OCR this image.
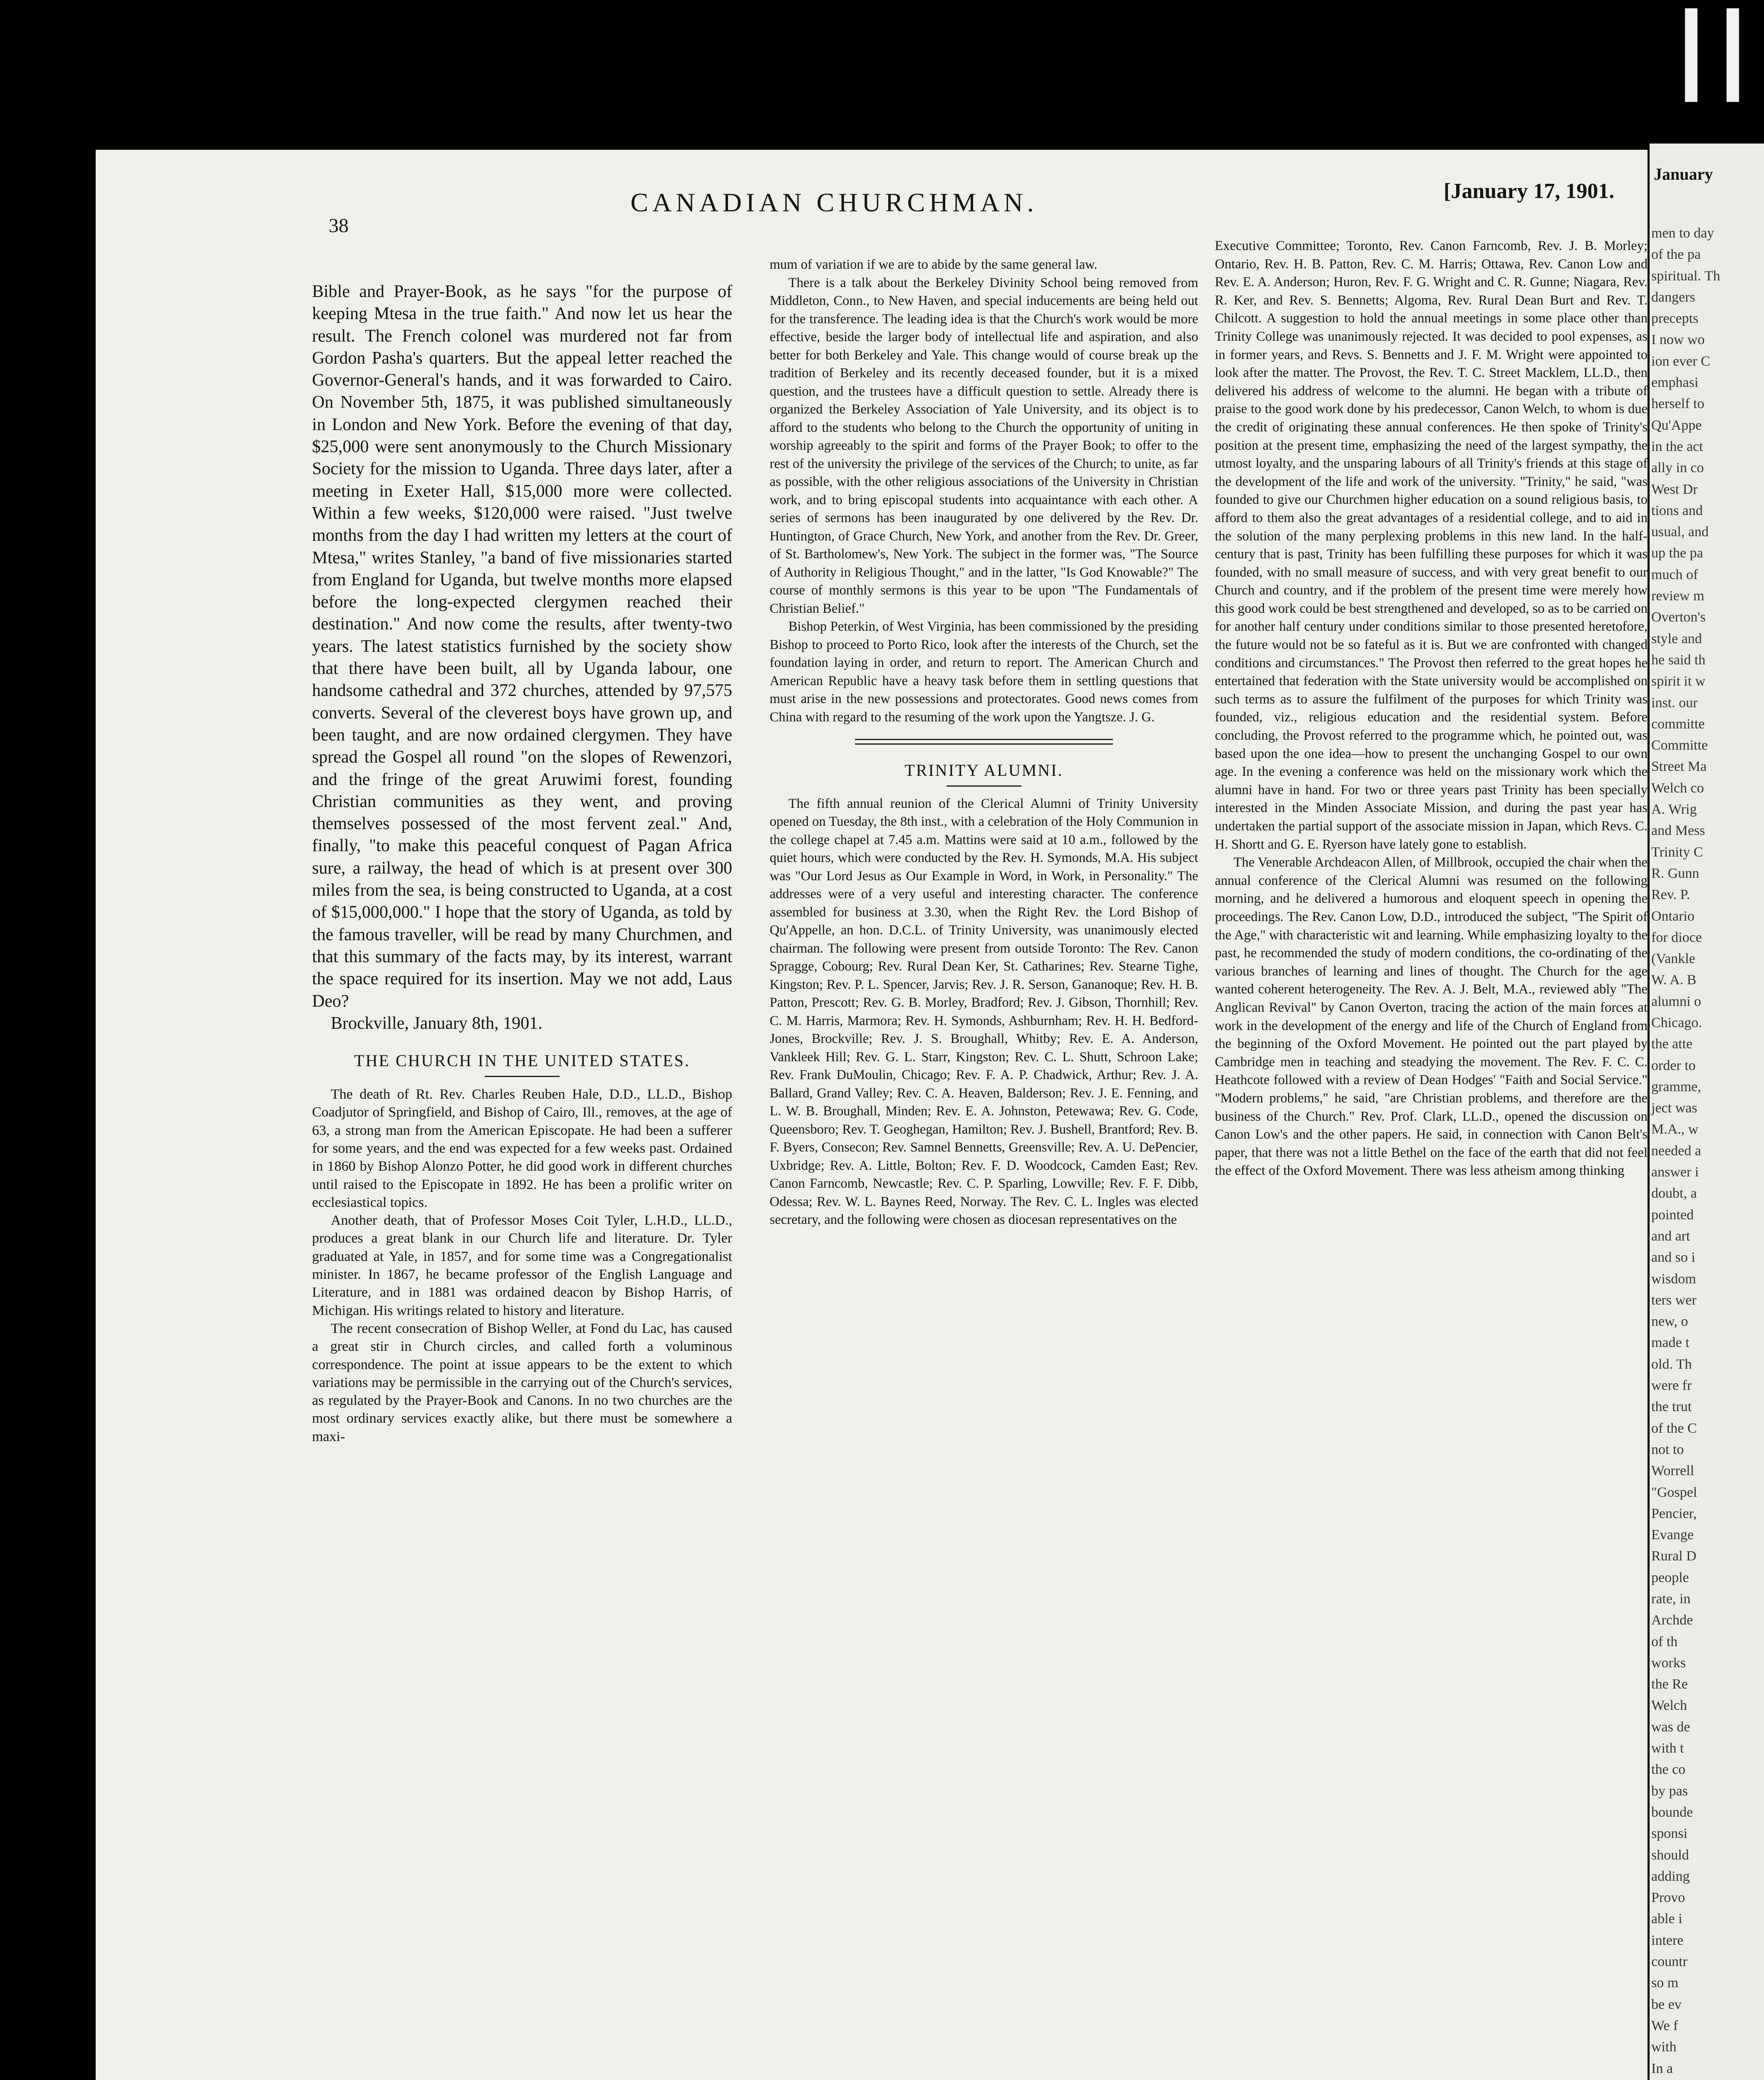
38
CANADIAN CHURCHMAN.	[January 17, 1901.

Bible and Prayer-Book, as he says "for the purpose of keeping Mtesa in the true faith." And now let us hear the result. The French colonel was murdered not far from Gordon Pasha's quarters. But the appeal letter reached the Governor-General's hands, and it was forwarded to Cairo. On November 5th, 1875, it was published simultaneously in London and New York. Before the evening of that day, $25,000 were sent anonymously to the Church Missionary Society for the mission to Uganda. Three days later, after a meeting in Exeter Hall, $15,000 more were collected. Within a few weeks, $120,000 were raised. "Just twelve months from the day I had written my letters at the court of Mtesa," writes Stanley, "a band of five missionaries started from England for Uganda, but twelve months more elapsed before the long-expected clergymen reached their destination." And now come the results, after twenty-two years. The latest statistics furnished by the society show that there have been built, all by Uganda labour, one handsome cathedral and 372 churches, attended by 97,575 converts. Several of the cleverest boys have grown up, and been taught, and are now ordained clergymen. They have spread the Gospel all round "on the slopes of Rewenzori, and the fringe of the great Aruwimi forest, founding Christian communities as they went, and proving themselves possessed of the most fervent zeal." And, finally, "to make this peaceful conquest of Pagan Africa sure, a railway, the head of which is at present over 300 miles from the sea, is being constructed to Uganda, at a cost of $15,000,000." I hope that the story of Uganda, as told by the famous traveller, will be read by many Churchmen, and that this summary of the facts may, by its interest, warrant the space required for its insertion. May we not add, Laus Deo?

Brockville, January 8th, 1901.

THE CHURCH IN THE UNITED STATES.

The death of Rt. Rev. Charles Reuben Hale, D.D., LL.D., Bishop Coadjutor of Springfield, and Bishop of Cairo, Ill., removes, at the age of 63, a strong man from the American Episcopate. He had been a sufferer for some years, and the end was expected for a few weeks past. Ordained in 1860 by Bishop Alonzo Potter, he did good work in different churches until raised to the Episcopate in 1892. He has been a prolific writer on ecclesiastical topics.

Another death, that of Professor Moses Coit Tyler, L.H.D., LL.D., produces a great blank in our Church life and literature. Dr. Tyler graduated at Yale, in 1857, and for some time was a Congregationalist minister. In 1867, he became professor of the English Language and Literature, and in 1881 was ordained deacon by Bishop Harris, of Michigan. His writings related to history and literature.

The recent consecration of Bishop Weller, at Fond du Lac, has caused a great stir in Church circles, and called forth a voluminous correspondence. The point at issue appears to be the extent to which variations may be permissible in the carrying out of the Church's services, as regulated by the Prayer-Book and Canons. In no two churches are the most ordinary services exactly alike, but there must be somewhere a maxi-

mum of variation if we are to abide by the same general law.

There is a talk about the Berkeley Divinity School being removed from Middleton, Conn., to New Haven, and special inducements are being held out for the transference. The leading idea is that the Church's work would be more effective, beside the larger body of intellectual life and aspiration, and also better for both Berkeley and Yale. This change would of course break up the tradition of Berkeley and its recently deceased founder, but it is a mixed question, and the trustees have a difficult question to settle. Already there is organized the Berkeley Association of Yale University, and its object is to afford to the students who belong to the Church the opportunity of uniting in worship agreeably to the spirit and forms of the Prayer Book; to offer to the rest of the university the privilege of the services of the Church; to unite, as far as possible, with the other religious associations of the University in Christian work, and to bring episcopal students into acquaintance with each other. A series of sermons has been inaugurated by one delivered by the Rev. Dr. Huntington, of Grace Church, New York, and another from the Rev. Dr. Greer, of St. Bartholomew's, New York. The subject in the former was, "The Source of Authority in Religious Thought," and in the latter, "Is God Knowable?" The course of monthly sermons is this year to be upon "The Fundamentals of Christian Belief."

Bishop Peterkin, of West Virginia, has been commissioned by the presiding Bishop to proceed to Porto Rico, look after the interests of the Church, set the foundation laying in order, and return to report. The American Church and American Republic have a heavy task before them in settling questions that must arise in the new possessions and protectorates. Good news comes from China with regard to the resuming of the work upon the Yangtsze. J. G.

TRINITY ALUMNI.

The fifth annual reunion of the Clerical Alumni of Trinity University opened on Tuesday, the 8th inst., with a celebration of the Holy Communion in the college chapel at 7.45 a.m. Mattins were said at 10 a.m., followed by the quiet hours, which were conducted by the Rev. H. Symonds, M.A. His subject was "Our Lord Jesus as Our Example in Word, in Work, in Personality." The addresses were of a very useful and interesting character. The conference assembled for business at 3.30, when the Right Rev. the Lord Bishop of Qu'Appelle, an hon. D.C.L. of Trinity University, was unanimously elected chairman. The following were present from outside Toronto: The Rev. Canon Spragge, Cobourg; Rev. Rural Dean Ker, St. Catharines; Rev. Stearne Tighe, Kingston; Rev. P. L. Spencer, Jarvis; Rev. J. R. Serson, Gananoque; Rev. H. B. Patton, Prescott; Rev. G. B. Morley, Bradford; Rev. J. Gibson, Thornhill; Rev. C. M. Harris, Marmora; Rev. H. Symonds, Ashburnham; Rev. H. H. Bedford-Jones, Brockville; Rev. J. S. Broughall, Whitby; Rev. E. A. Anderson, Vankleek Hill; Rev. G. L. Starr, Kingston; Rev. C. L. Shutt, Schroon Lake; Rev. Frank DuMoulin, Chicago; Rev. F. A. P. Chadwick, Arthur; Rev. J. A. Ballard, Grand Valley; Rev. C. A. Heaven, Balderson; Rev. J. E. Fenning, and L. W. B. Broughall, Minden; Rev. E. A. Johnston, Petewawa; Rev. G. Code, Queensboro; Rev. T. Geoghegan, Hamilton; Rev. J. Bushell, Brantford; Rev. B. F. Byers, Consecon; Rev. Samnel Bennetts, Greensville; Rev. A. U. DePencier, Uxbridge; Rev. A. Little, Bolton; Rev. F. D. Woodcock, Camden East; Rev. Canon Farncomb, Newcastle; Rev. C. P. Sparling, Lowville; Rev. F. F. Dibb, Odessa; Rev. W. L. Baynes Reed, Norway. The Rev. C. L. Ingles was elected secretary, and the following were chosen as diocesan representatives on the

Executive Committee; Toronto, Rev. Canon Farncomb, Rev. J. B. Morley; Ontario, Rev. H. B. Patton, Rev. C. M. Harris; Ottawa, Rev. Canon Low and Rev. E. A. Anderson; Huron, Rev. F. G. Wright and C. R. Gunne; Niagara, Rev. R. Ker, and Rev. S. Bennetts; Algoma, Rev. Rural Dean Burt and Rev. T. Chilcott. A suggestion to hold the annual meetings in some place other than Trinity College was unanimously rejected. It was decided to pool expenses, as in former years, and Revs. S. Bennetts and J. F. M. Wright were appointed to look after the matter. The Provost, the Rev. T. C. Street Macklem, LL.D., then delivered his address of welcome to the alumni. He began with a tribute of praise to the good work done by his predecessor, Canon Welch, to whom is due the credit of originating these annual conferences. He then spoke of Trinity's position at the present time, emphasizing the need of the largest sympathy, the utmost loyalty, and the unsparing labours of all Trinity's friends at this stage of the development of the life and work of the university. "Trinity," he said, "was founded to give our Churchmen higher education on a sound religious basis, to afford to them also the great advantages of a residential college, and to aid in the solution of the many perplexing problems in this new land. In the half-century that is past, Trinity has been fulfilling these purposes for which it was founded, with no small measure of success, and with very great benefit to our Church and country, and if the problem of the present time were merely how this good work could be best strengthened and developed, so as to be carried on for another half century under conditions similar to those presented heretofore, the future would not be so fateful as it is. But we are confronted with changed conditions and circumstances." The Provost then referred to the great hopes he entertained that federation with the State university would be accomplished on such terms as to assure the fulfilment of the purposes for which Trinity was founded, viz., religious education and the residential system. Before concluding, the Provost referred to the programme which, he pointed out, was based upon the one idea—how to present the unchanging Gospel to our own age. In the evening a conference was held on the missionary work which the alumni have in hand. For two or three years past Trinity has been specially interested in the Minden Associate Mission, and during the past year has undertaken the partial support of the associate mission in Japan, which Revs. C. H. Shortt and G. E. Ryerson have lately gone to establish.

The Venerable Archdeacon Allen, of Millbrook, occupied the chair when the annual conference of the Clerical Alumni was resumed on the following morning, and he delivered a humorous and eloquent speech in opening the proceedings. The Rev. Canon Low, D.D., introduced the subject, "The Spirit of the Age," with characteristic wit and learning. While emphasizing loyalty to the past, he recommended the study of modern conditions, the co-ordinating of the various branches of learning and lines of thought. The Church for the age wanted coherent heterogeneity. The Rev. A. J. Belt, M.A., reviewed ably "The Anglican Revival" by Canon Overton, tracing the action of the main forces at work in the development of the energy and life of the Church of England from the beginning of the Oxford Movement. He pointed out the part played by Cambridge men in teaching and steadying the movement. The Rev. F. C. C. Heathcote followed with a review of Dean Hodges' "Faith and Social Service." "Modern problems," he said, "are Christian problems, and therefore are the business of the Church." Rev. Prof. Clark, LL.D., opened the discussion on Canon Low's and the other papers. He said, in connection with Canon Belt's paper, that there was not a little Bethel on the face of the earth that did not feel the effect of the Oxford Movement. There was less atheism among thinking

January
men to day
of the pa
spiritual. Th
dangers
precepts
I now wo
ion ever C
emphasi
herself to
Qu'Appe
in the act
ally in co
West Dr
tions and
usual, and
up the pa
much of
review m
Overton's
style and
he said th
spirit it w
inst. our
committe
Committe
Street Ma
Welch co
A. Wrig
and Mess
Trinity C
R. Gunn
Rev. P.
Ontario
for dioce
(Vankle
W. A. B
alumni o
Chicago.
the atte
order to
gramme,
ject was
M.A., w
needed a
answer i
doubt, a
pointed
and art
and so i
wisdom
ters wer
new, o
made t
old. Th
were fr
the trut
of the C
not to
Worrell
"Gospel
Pencier,
Evange
Rural D
people
rate, in
Archde
of th
works
the Re
Welch
was de
with t
the co
by pas
bounde
sponsi
should
adding
Provo
able i
intere
countr
so m
be ev
We f
with
In a
